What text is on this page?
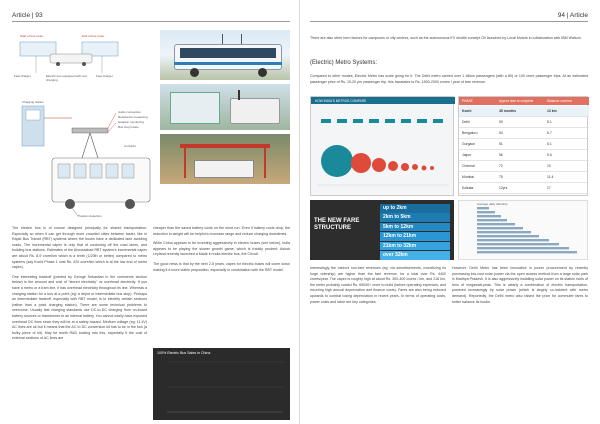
Article | 93
Start of bus route	End of bus route
Fast charger	Electric bus equipped with roof charging
Fast charger
Charging station
Audio connection
Resistance measuring
Isolation monitoring
Bus stop locate
Contacts
Position detection

The electric bus is of course designed principally for shared transportation. Especially so when it can get through more crowded cities between faster, like in Rapid Bus Transit (RBT) systems where the buses have a dedicated lane avoiding roads. The incremental capex is only that of cordoning off the road lanes, and building bus stations. Estimates of the Ahmedabad RBT system's incremental capex are about Rs. 8-9 crore/km which is a tenth (1/20th or better) compared to metro systems (say Kochi Phase 1 cost Rs. 220 crore/km which is at the low end of metro capex).

One interesting tradeoff (pointed by George Sebastian in the comments section below) is the amount and cost of "stored electricity" vs overhead electricity. If you have a metro or a tram line, it has overhead electricity throughout its line. Whereas a charging station for a bus at a point (eg: a depot or intermediate bus stop). Perhaps an intermediate tradeoff, especially with RBT model, is to electrify certain sections (rather than a point charging station). There are some technical problems to overcome. Usually fast charging standards use DC-to-DC charging from on-board battery sources or transformer to an internal battery. You cannot easily have exposed overhead DC lines since they will be at a safety hazard. Medium voltage (eg: 11 kV) AC lines are ok but it means that the AC to DC conversion kit has to be in the bus (a bulky piece of kit). May be worth R&D looking into this, especially if the cost of external sections of AC lines are

cheaper than the saved battery costs on the short run. Even if battery costs drop, the reduction in weight will be helpful to increase range and reduce charging downtimes.

While China appears to be investing aggressively in electric buses (see below), India appears to be playing the slower growth game, which is frankly prudent. Ashok Leyland recently launched a Made in India electric bus, the Circuit.

The good news is that by the next 2-5 years, capex for electric buses will come down making it a more viable proposition, especially in combination with the RBT model.

100% Electric Bus Sales in China
94 | Article

There are also other form factors for campuses or city centres, such as the autonomous EV shuttle concept Oli launched by Local Motors in collaboration with IBM Watson.

(Electric) Metro Systems:

Compared to other modes, Electric Metro has scale going for it. The Delhi metro carried over 1 billion passengers (with a 80) or 100 crore passenger trips. At an estimated passenger price of Rs. 15-20 per passenger trip, this translates to Rs. 1500-2000 crores / year of fare revenue.

HOW INDIA'S METROS COMPARE	PHASE	Approx time to complete	Distance covered
Kochi	45 months	13 km
Delhi	50	8.1
Bengaluru	54	6.7
Gurgaon	51	5.1
Jaipur	56	9.6
Chennai	72	10
Mumbai	75	11.4
Kolkata	12yrs	17
THE NEW FARE STRUCTURE
up to 2km
2km to 5km
5km to 12km
12km to 21km
21km to 32km
over 32km
Average daily ridership

Interestingly the metro's non-fare revenues (eg: via advertisements, monetizing its huge ridership) are higher than the fare revenue, for a total over Rs. 4400 crores/year. The capex is roughly high at about Rs. 300-400 crores / km, and 218 km, the metro probably costed Rs. 65000+ crore to build (before operating expenses, and incurring high annual depreciation and finance costs). Fares are also being reduced upwards to combat losing depreciation in recent years. In terms of operating costs, power costs and labor are key categories.

However, Delhi Metro has been innovative in power procurement by recently purchasing low-cost solar power via the open access method from a large solar park in Madhya Pradesh. It is also aggressively installing solar power on its station roofs of tens of megawatt-peak. This is clearly a combination of electric transportation, powered increasingly by solar power (which is largely co-incident with metro demand). Reportedly, the Delhi metro also raised the price for commuter fares to better balance its books.
